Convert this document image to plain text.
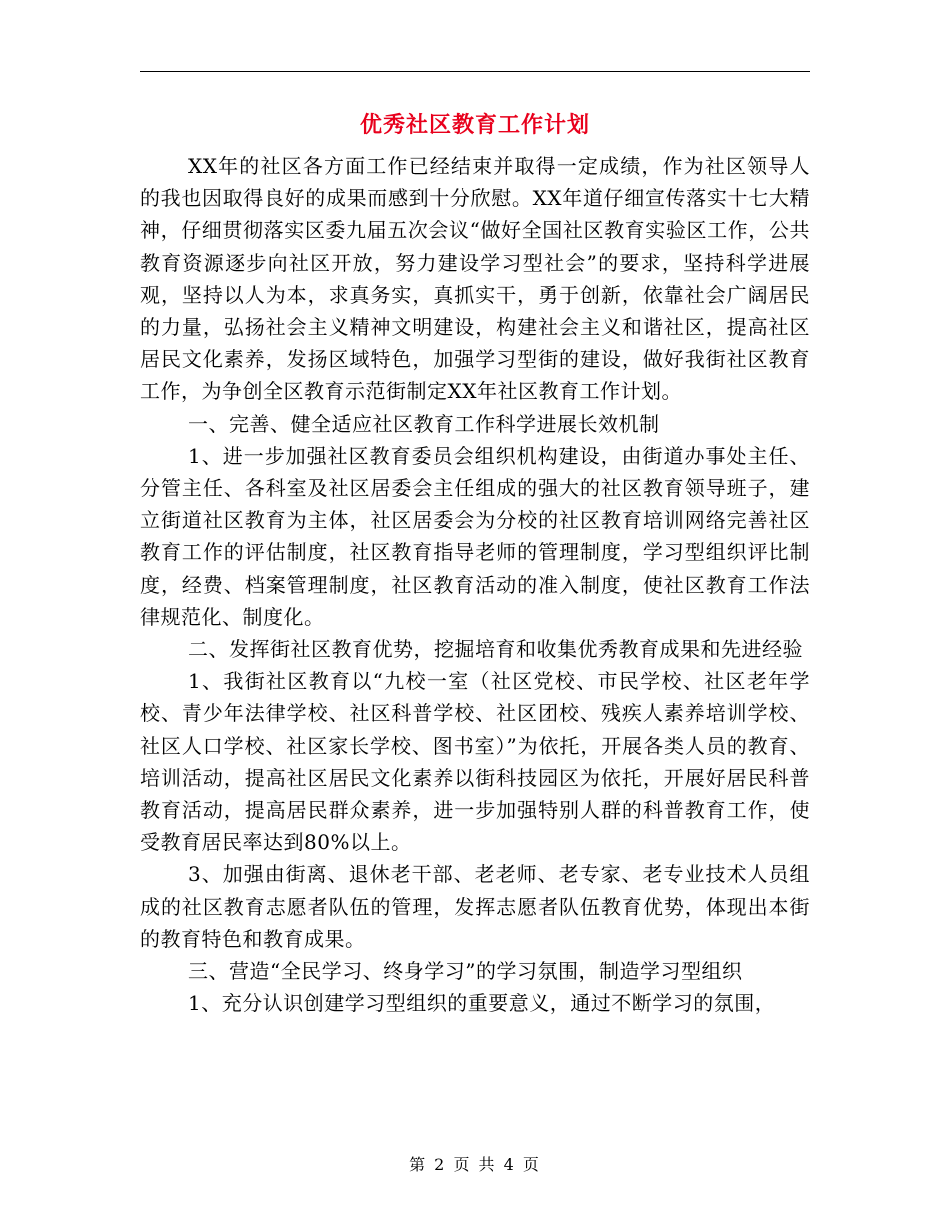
优秀社区教育工作计划

XX年的社区各方面工作已经结束并取得一定成绩，作为社区领导人的我也因取得良好的成果而感到十分欣慰。XX年道仔细宣传落实十七大精神，仔细贯彻落实区委九届五次会议“做好全国社区教育实验区工作，公共教育资源逐步向社区开放，努力建设学习型社会”的要求，坚持科学进展观，坚持以人为本，求真务实，真抓实干，勇于创新，依靠社会广阔居民的力量，弘扬社会主义精神文明建设，构建社会主义和谐社区，提高社区居民文化素养，发扬区域特色，加强学习型街的建设，做好我街社区教育工作，为争创全区教育示范街制定XX年社区教育工作计划。

一、完善、健全适应社区教育工作科学进展长效机制

1、进一步加强社区教育委员会组织机构建设，由街道办事处主任、分管主任、各科室及社区居委会主任组成的强大的社区教育领导班子，建立街道社区教育为主体，社区居委会为分校的社区教育培训网络完善社区教育工作的评估制度，社区教育指导老师的管理制度，学习型组织评比制度，经费、档案管理制度，社区教育活动的准入制度，使社区教育工作法律规范化、制度化。

二、发挥街社区教育优势，挖掘培育和收集优秀教育成果和先进经验

1、我街社区教育以“九校一室（社区党校、市民学校、社区老年学校、青少年法律学校、社区科普学校、社区团校、残疾人素养培训学校、社区人口学校、社区家长学校、图书室）”为依托，开展各类人员的教育、培训活动，提高社区居民文化素养以街科技园区为依托，开展好居民科普教育活动，提高居民群众素养，进一步加强特别人群的科普教育工作，使受教育居民率达到80%以上。

3、加强由街离、退休老干部、老老师、老专家、老专业技术人员组成的社区教育志愿者队伍的管理，发挥志愿者队伍教育优势，体现出本街的教育特色和教育成果。

三、营造“全民学习、终身学习”的学习氛围，制造学习型组织

1、充分认识创建学习型组织的重要意义，通过不断学习的氛围，

第 2 页 共 4 页
